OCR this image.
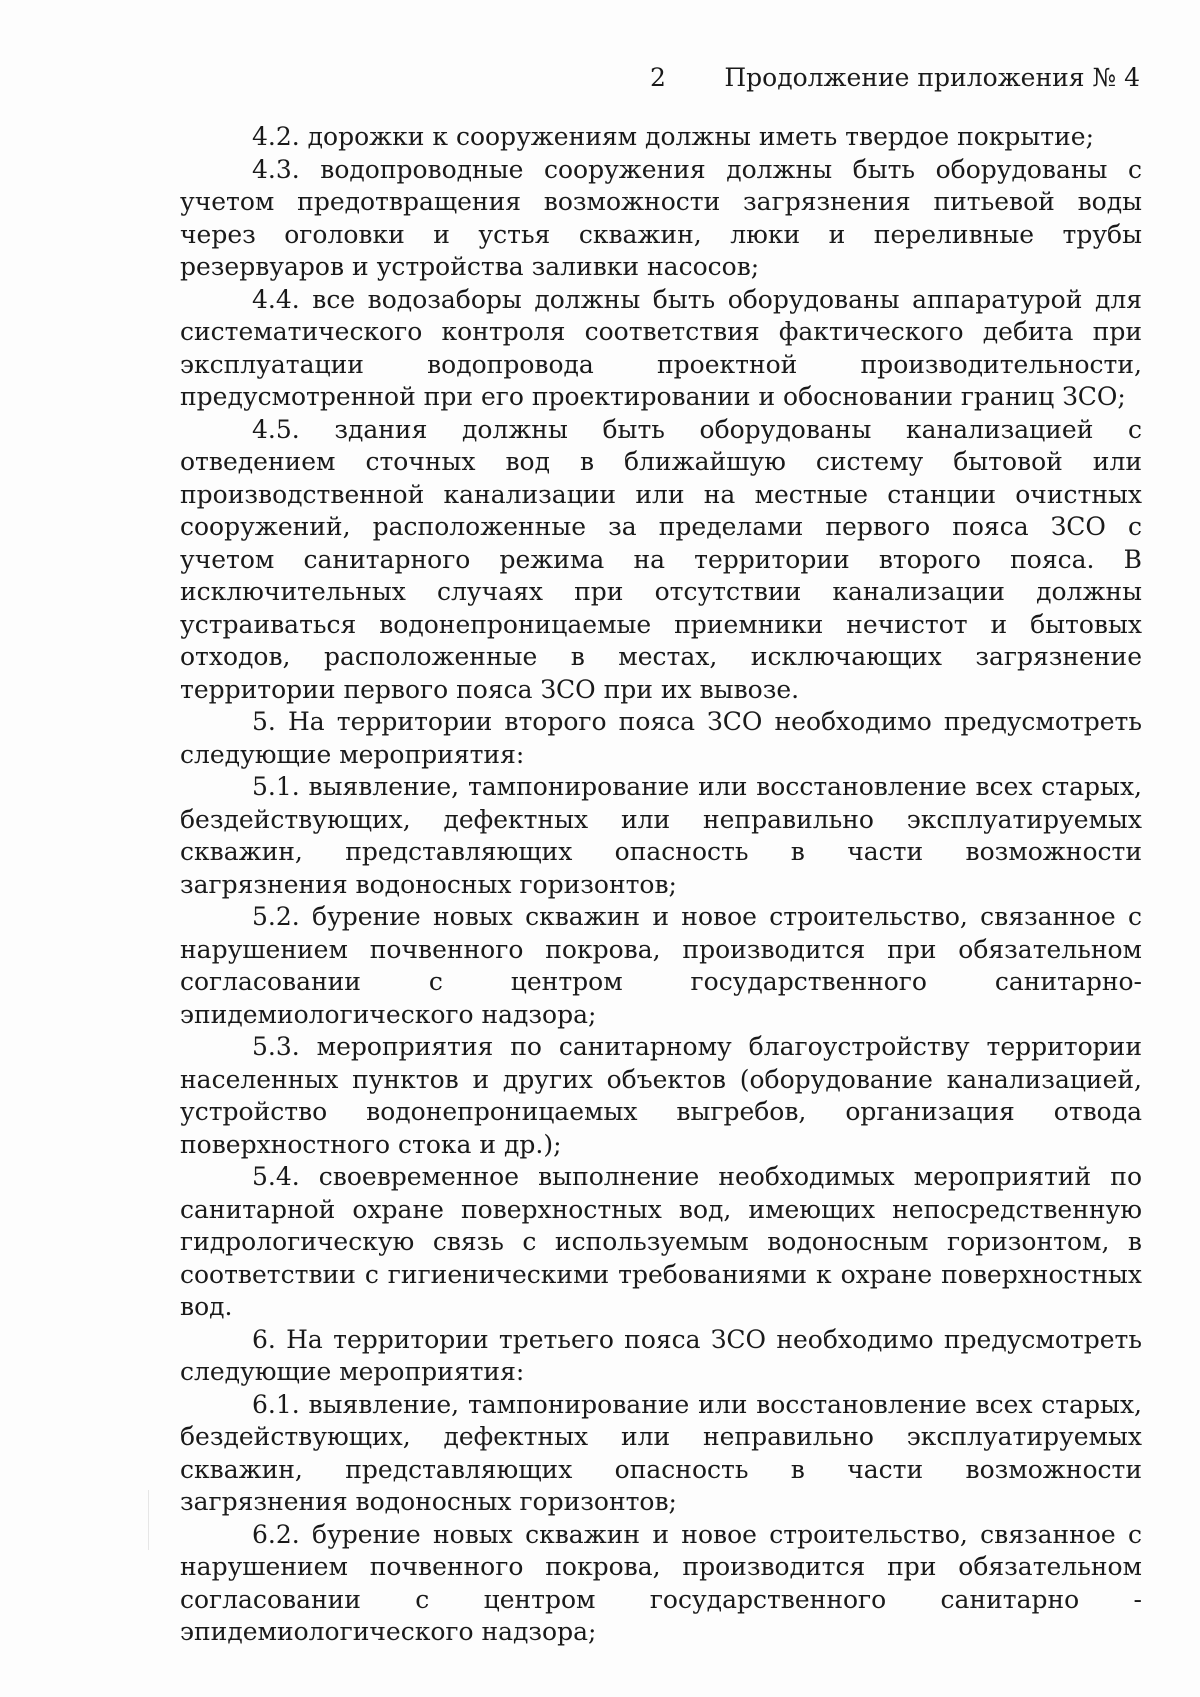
2 Продолжение приложения № 4

4.2. дорожки к сооружениям должны иметь твердое покрытие;

4.3. водопроводные сооружения должны быть оборудованы с учетом предотвращения возможности загрязнения питьевой воды через оголовки и устья скважин, люки и переливные трубы резервуаров и устройства заливки насосов;

4.4. все водозаборы должны быть оборудованы аппаратурой для систематического контроля соответствия фактического дебита при эксплуатации водопровода проектной производительности, предусмотренной при его проектировании и обосновании границ ЗСО;

4.5. здания должны быть оборудованы канализацией с отведением сточных вод в ближайшую систему бытовой или производственной канализации или на местные станции очистных сооружений, расположенные за пределами первого пояса ЗСО с учетом санитарного режима на территории второго пояса. В исключительных случаях при отсутствии канализации должны устраиваться водонепроницаемые приемники нечистот и бытовых отходов, расположенные в местах, исключающих загрязнение территории первого пояса ЗСО при их вывозе.

5. На территории второго пояса ЗСО необходимо предусмотреть следующие мероприятия:

5.1. выявление, тампонирование или восстановление всех старых, бездействующих, дефектных или неправильно эксплуатируемых скважин, представляющих опасность в части возможности загрязнения водоносных горизонтов;

5.2. бурение новых скважин и новое строительство, связанное с нарушением почвенного покрова, производится при обязательном согласовании с центром государственного санитарно-эпидемиологического надзора;

5.3. мероприятия по санитарному благоустройству территории населенных пунктов и других объектов (оборудование канализацией, устройство водонепроницаемых выгребов, организация отвода поверхностного стока и др.);

5.4. своевременное выполнение необходимых мероприятий по санитарной охране поверхностных вод, имеющих непосредственную гидрологическую связь с используемым водоносным горизонтом, в соответствии с гигиеническими требованиями к охране поверхностных вод.

6. На территории третьего пояса ЗСО необходимо предусмотреть следующие мероприятия:

6.1. выявление, тампонирование или восстановление всех старых, бездействующих, дефектных или неправильно эксплуатируемых скважин, представляющих опасность в части возможности загрязнения водоносных горизонтов;

6.2. бурение новых скважин и новое строительство, связанное с нарушением почвенного покрова, производится при обязательном согласовании с центром государственного санитарно - эпидемиологического надзора;
